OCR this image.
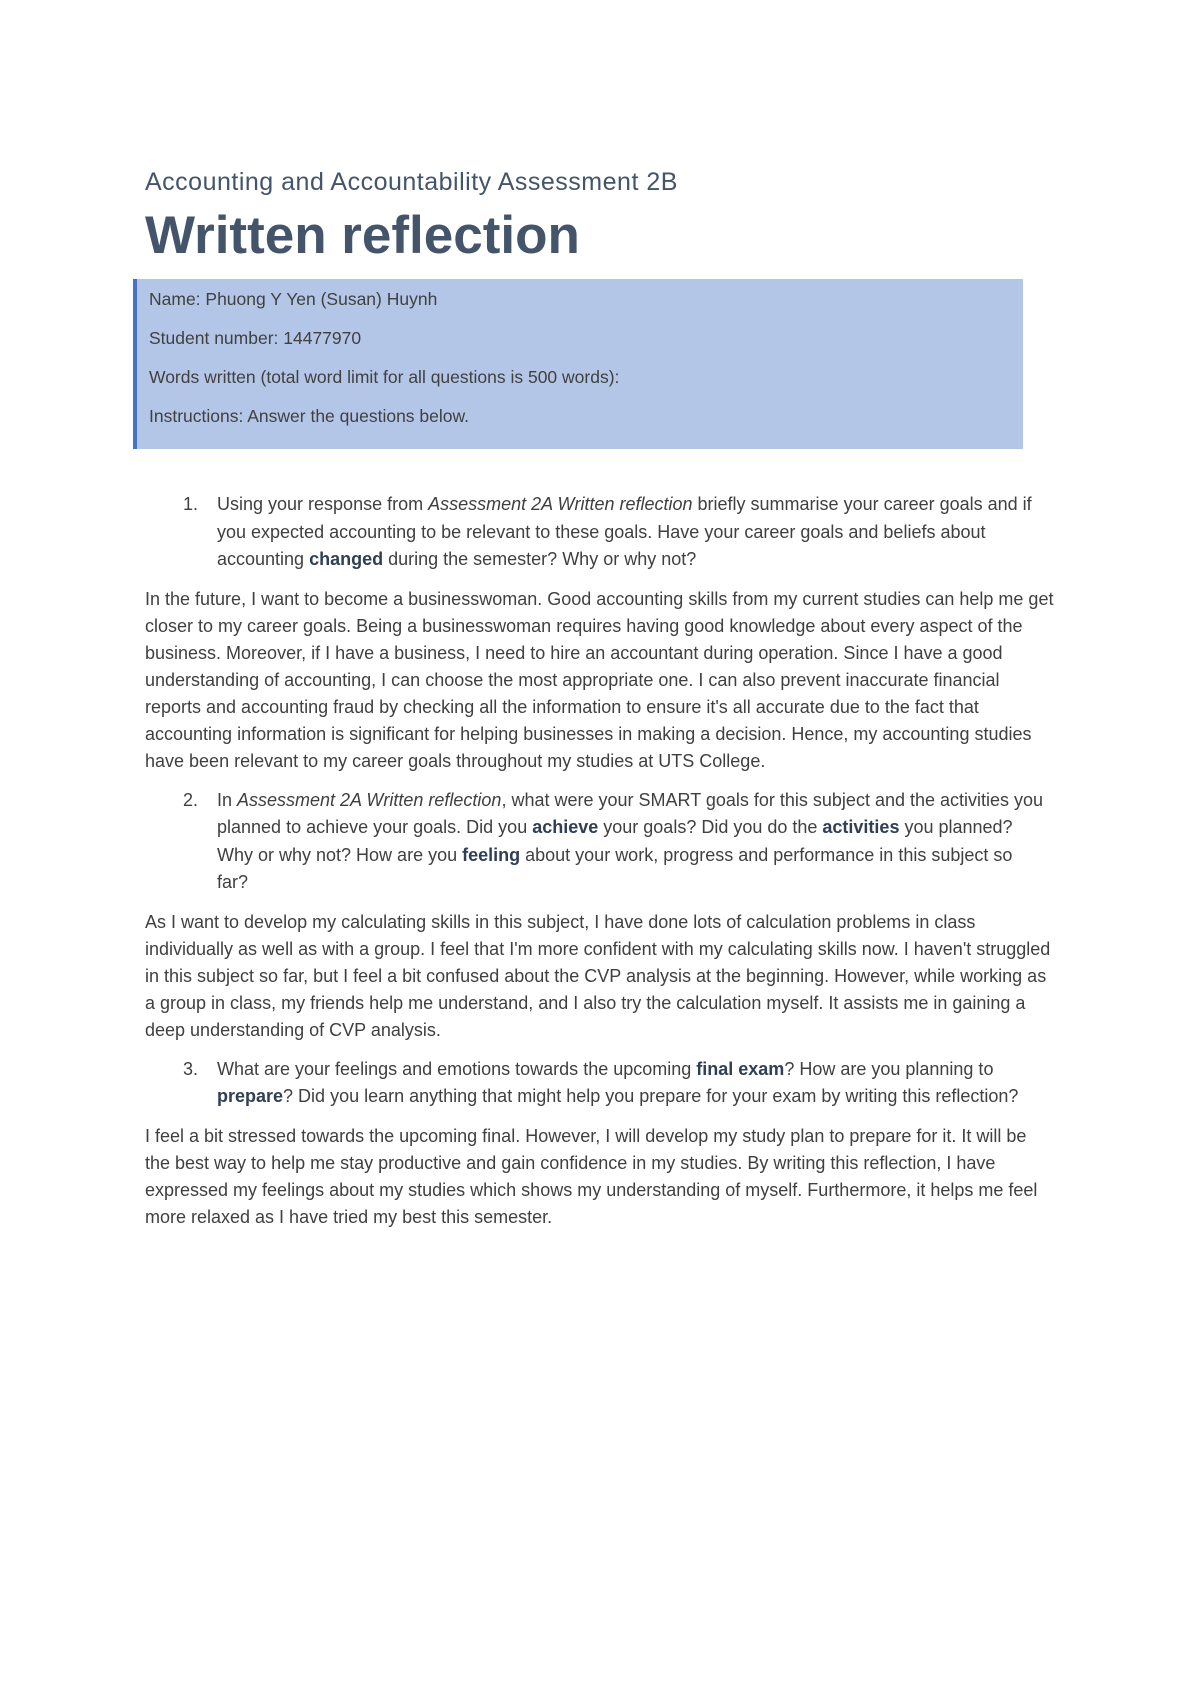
Accounting and Accountability Assessment 2B
Written reflection

Name: Phuong Y Yen (Susan) Huynh

Student number: 14477970

Words written (total word limit for all questions is 500 words):

Instructions: Answer the questions below.

1.	Using your response from Assessment 2A Written reflection briefly summarise your career goals and if you expected accounting to be relevant to these goals. Have your career goals and beliefs about accounting changed during the semester? Why or why not?

In the future, I want to become a businesswoman. Good accounting skills from my current studies can help me get closer to my career goals. Being a businesswoman requires having good knowledge about every aspect of the business. Moreover, if I have a business, I need to hire an accountant during operation. Since I have a good understanding of accounting, I can choose the most appropriate one. I can also prevent inaccurate financial reports and accounting fraud by checking all the information to ensure it's all accurate due to the fact that accounting information is significant for helping businesses in making a decision. Hence, my accounting studies have been relevant to my career goals throughout my studies at UTS College.

2.	In Assessment 2A Written reflection, what were your SMART goals for this subject and the activities you planned to achieve your goals. Did you achieve your goals? Did you do the activities you planned? Why or why not? How are you feeling about your work, progress and performance in this subject so far?

As I want to develop my calculating skills in this subject, I have done lots of calculation problems in class individually as well as with a group. I feel that I'm more confident with my calculating skills now. I haven't struggled in this subject so far, but I feel a bit confused about the CVP analysis at the beginning. However, while working as a group in class, my friends help me understand, and I also try the calculation myself. It assists me in gaining a deep understanding of CVP analysis.

3.	What are your feelings and emotions towards the upcoming final exam? How are you planning to prepare? Did you learn anything that might help you prepare for your exam by writing this reflection?

I feel a bit stressed towards the upcoming final. However, I will develop my study plan to prepare for it. It will be the best way to help me stay productive and gain confidence in my studies. By writing this reflection, I have expressed my feelings about my studies which shows my understanding of myself. Furthermore, it helps me feel more relaxed as I have tried my best this semester.
